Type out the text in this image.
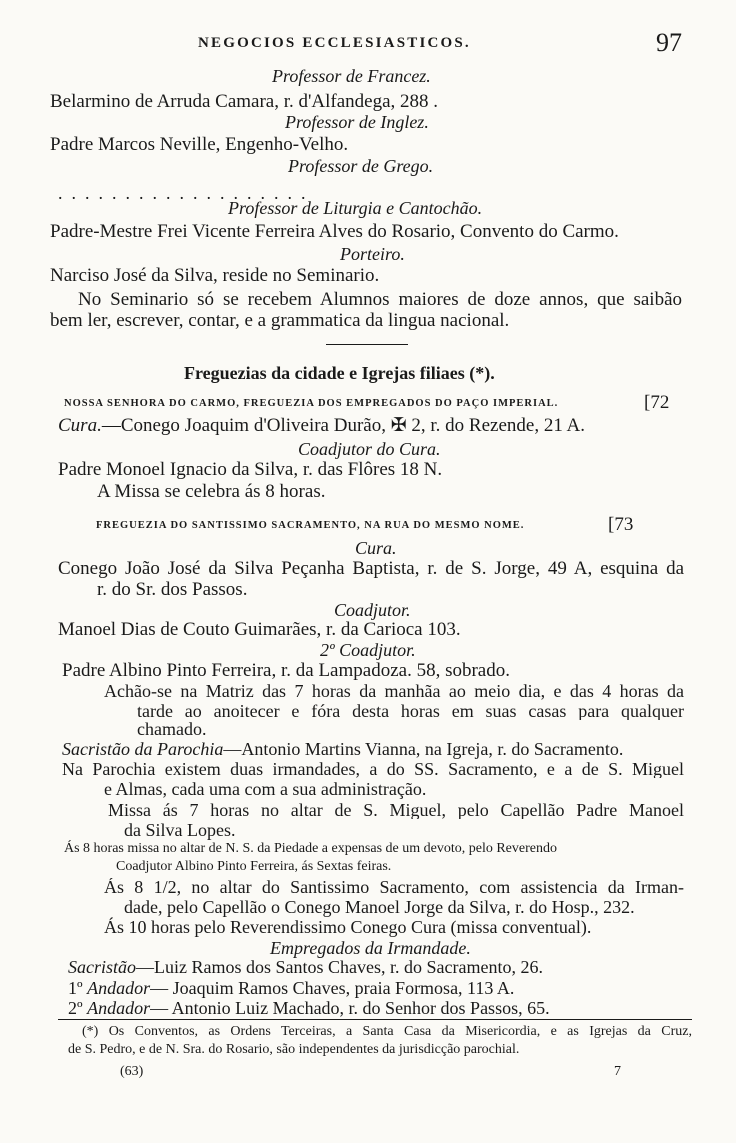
NEGOCIOS ECCLESIASTICOS.	97
Professor de Francez.
Belarmino de Arruda Camara, r. d'Alfandega, 288 .
Professor de Inglez.
Padre Marcos Neville, Engenho-Velho.
Professor de Grego.
...................
Professor de Liturgia e Cantochão.
Padre-Mestre Frei Vicente Ferreira Alves do Rosario, Convento do Carmo.
Porteiro.
Narciso José da Silva, reside no Seminario.
No Seminario só se recebem Alumnos maiores de doze annos, que saibão
bem ler, escrever, contar, e a grammatica da lingua nacional.
Freguezias da cidade e Igrejas filiaes (*).
NOSSA SENHORA DO CARMO, FREGUEZIA DOS EMPREGADOS DO PAÇO IMPERIAL.	[72
Cura.—Conego Joaquim d'Oliveira Durão, ✠ 2, r. do Rezende, 21 A.
Coadjutor do Cura.
Padre Monoel Ignacio da Silva, r. das Flôres 18 N.
A Missa se celebra ás 8 horas.
FREGUEZIA DO SANTISSIMO SACRAMENTO, NA RUA DO MESMO NOME.	[73
Cura.
Conego João José da Silva Peçanha Baptista, r. de S. Jorge, 49 A, esquina da
r. do Sr. dos Passos.
Coadjutor.
Manoel Dias de Couto Guimarães, r. da Carioca 103.
2º Coadjutor.
Padre Albino Pinto Ferreira, r. da Lampadoza. 58, sobrado.
Achão-se na Matriz das 7 horas da manhãa ao meio dia, e das 4 horas da
tarde ao anoitecer e fóra desta horas em suas casas para qualquer
chamado.
Sacristão da Parochia—Antonio Martins Vianna, na Igreja, r. do Sacramento.
Na Parochia existem duas irmandades, a do SS. Sacramento, e a de S. Miguel
e Almas, cada uma com a sua administração.
Missa ás 7 horas no altar de S. Miguel, pelo Capellão Padre Manoel
da Silva Lopes.
Ás 8 horas missa no altar de N. S. da Piedade a expensas de um devoto, pelo Reverendo
Coadjutor Albino Pinto Ferreira, ás Sextas feiras.
Ás 8 1/2, no altar do Santissimo Sacramento, com assistencia da Irman-
dade, pelo Capellão o Conego Manoel Jorge da Silva, r. do Hosp., 232.
Ás 10 horas pelo Reverendissimo Conego Cura (missa conventual).
Empregados da Irmandade.
Sacristão—Luiz Ramos dos Santos Chaves, r. do Sacramento, 26.
1º Andador— Joaquim Ramos Chaves, praia Formosa, 113 A.
2º Andador— Antonio Luiz Machado, r. do Senhor dos Passos, 65.
(*) Os Conventos, as Ordens Terceiras, a Santa Casa da Misericordia, e as Igrejas da Cruz,
de S. Pedro, e de N. Sra. do Rosario, são independentes da jurisdicção parochial.
(63)	7
